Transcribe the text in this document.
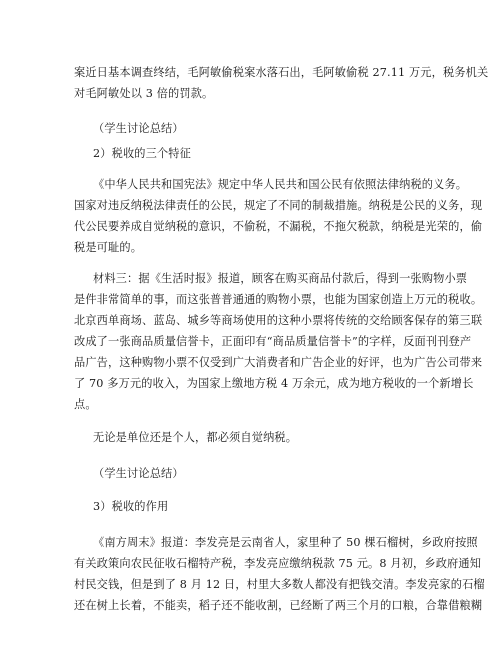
案近日基本调查终结，毛阿敏偷税案水落石出，毛阿敏偷税 27.11 万元，税务机关
对毛阿敏处以 3 倍的罚款。
（学生讨论总结）
2）税收的三个特征
《中华人民共和国宪法》规定中华人民共和国公民有依照法律纳税的义务。
国家对违反纳税法律责任的公民，规定了不同的制裁措施。纳税是公民的义务，现
代公民要养成自觉纳税的意识，不偷税，不漏税，不拖欠税款，纳税是光荣的，偷
税是可耻的。
材料三：据《生活时报》报道，顾客在购买商品付款后，得到一张购物小票
是件非常简单的事，而这张普普通通的购物小票，也能为国家创造上万元的税收。
北京西单商场、蓝岛、城乡等商场使用的这种小票将传统的交给顾客保存的第三联
改成了一张商品质量信誉卡，正面印有“商品质量信誉卡”的字样，反面刊刊登产
品广告，这种购物小票不仅受到广大消费者和广告企业的好评，也为广告公司带来
了 70 多万元的收入，为国家上缴地方税 4 万余元，成为地方税收的一个新增长
点。
无论是单位还是个人，都必须自觉纳税。
（学生讨论总结）
3）税收的作用
《南方周末》报道：李发亮是云南省人，家里种了 50 棵石榴树，乡政府按照
有关政策向农民征收石榴特产税，李发亮应缴纳税款 75 元。8 月初，乡政府通知
村民交钱，但是到了 8 月 12 日，村里大多数人都没有把钱交清。李发亮家的石榴
还在树上长着，不能卖，稻子还不能收割，已经断了两三个月的口粮，合靠借粮糊
